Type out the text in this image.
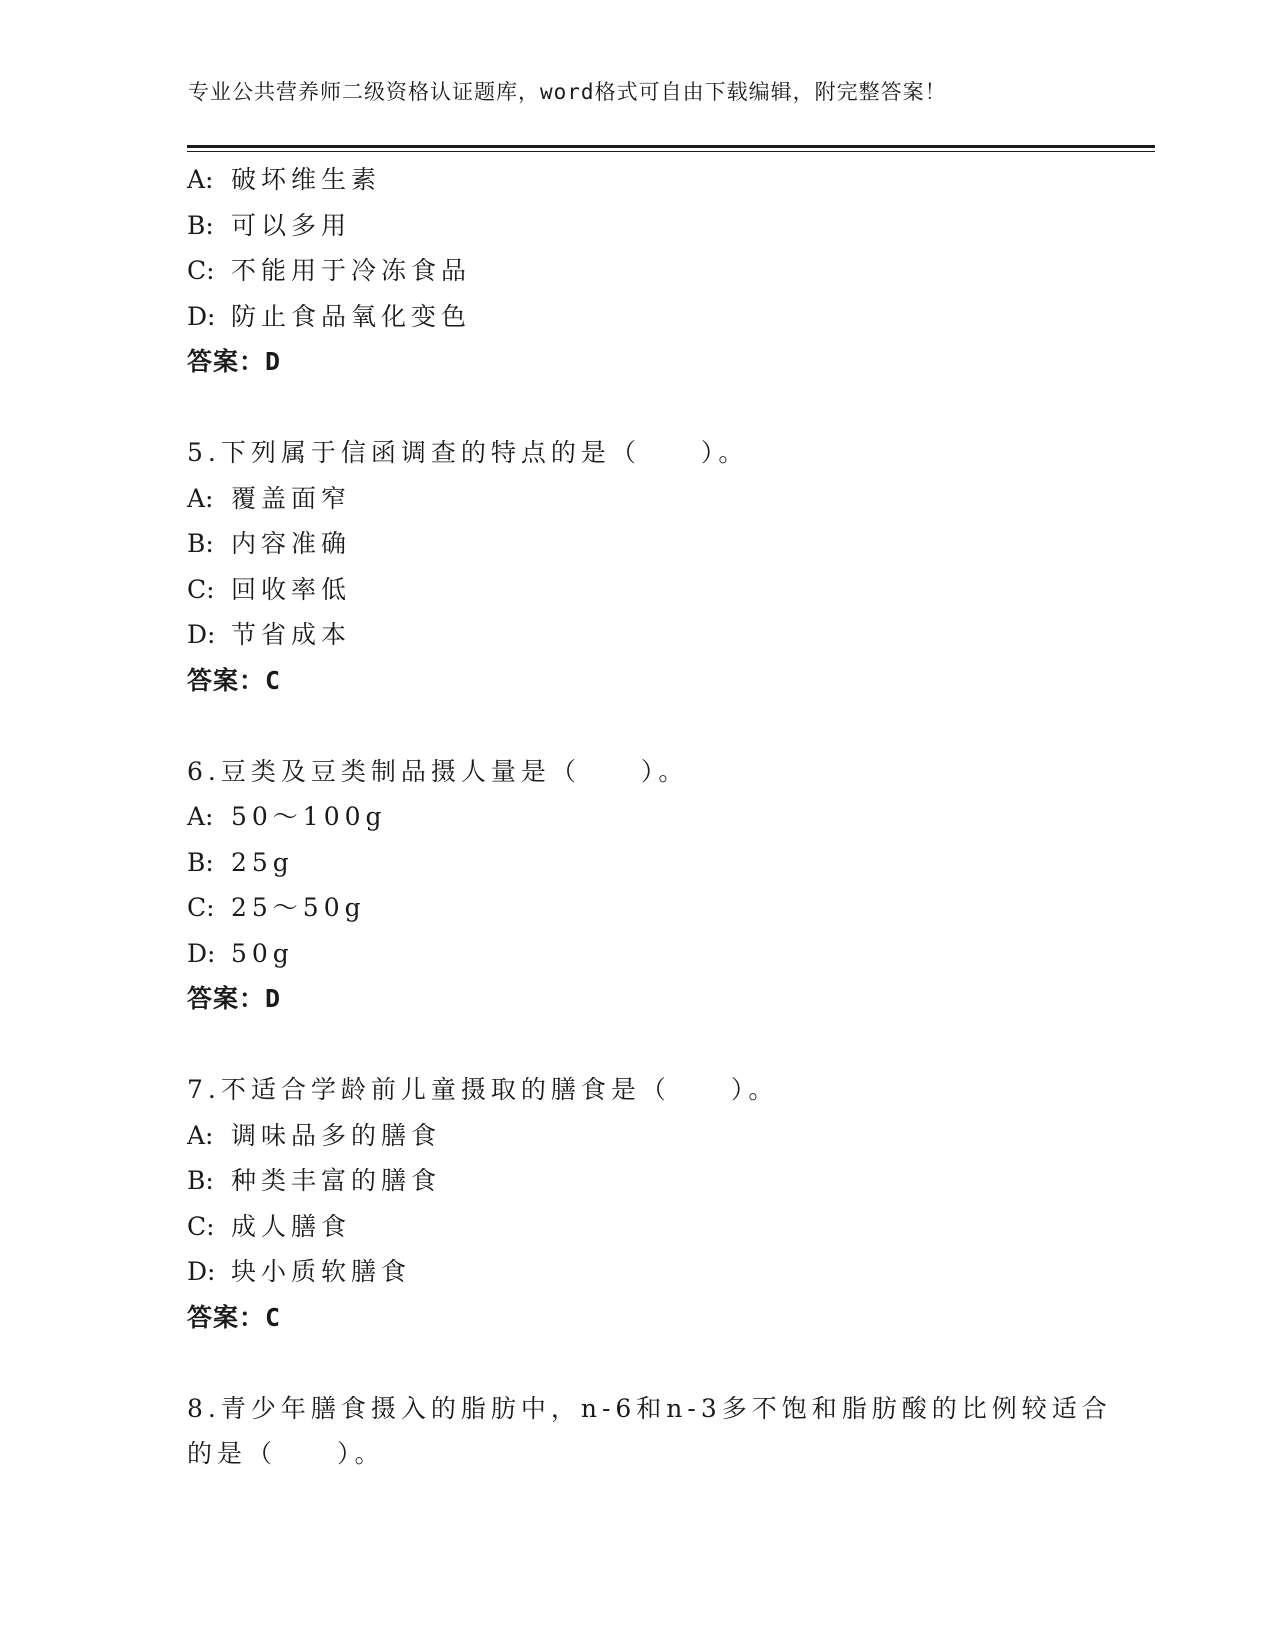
专业公共营养师二级资格认证题库，word格式可自由下载编辑，附完整答案！
A: 破坏维生素
B: 可以多用
C: 不能用于冷冻食品
D: 防止食品氧化变色
答案：D
5.下列属于信函调查的特点的是（　　）。
A: 覆盖面窄
B: 内容准确
C: 回收率低
D: 节省成本
答案：C
6.豆类及豆类制品摄人量是（　　）。
A: 50～100g
B: 25g
C: 25～50g
D: 50g
答案：D
7.不适合学龄前儿童摄取的膳食是（　　）。
A: 调味品多的膳食
B: 种类丰富的膳食
C: 成人膳食
D: 块小质软膳食
答案：C
8.青少年膳食摄入的脂肪中，n-6和n-3多不饱和脂肪酸的比例较适合
的是（　　）。
